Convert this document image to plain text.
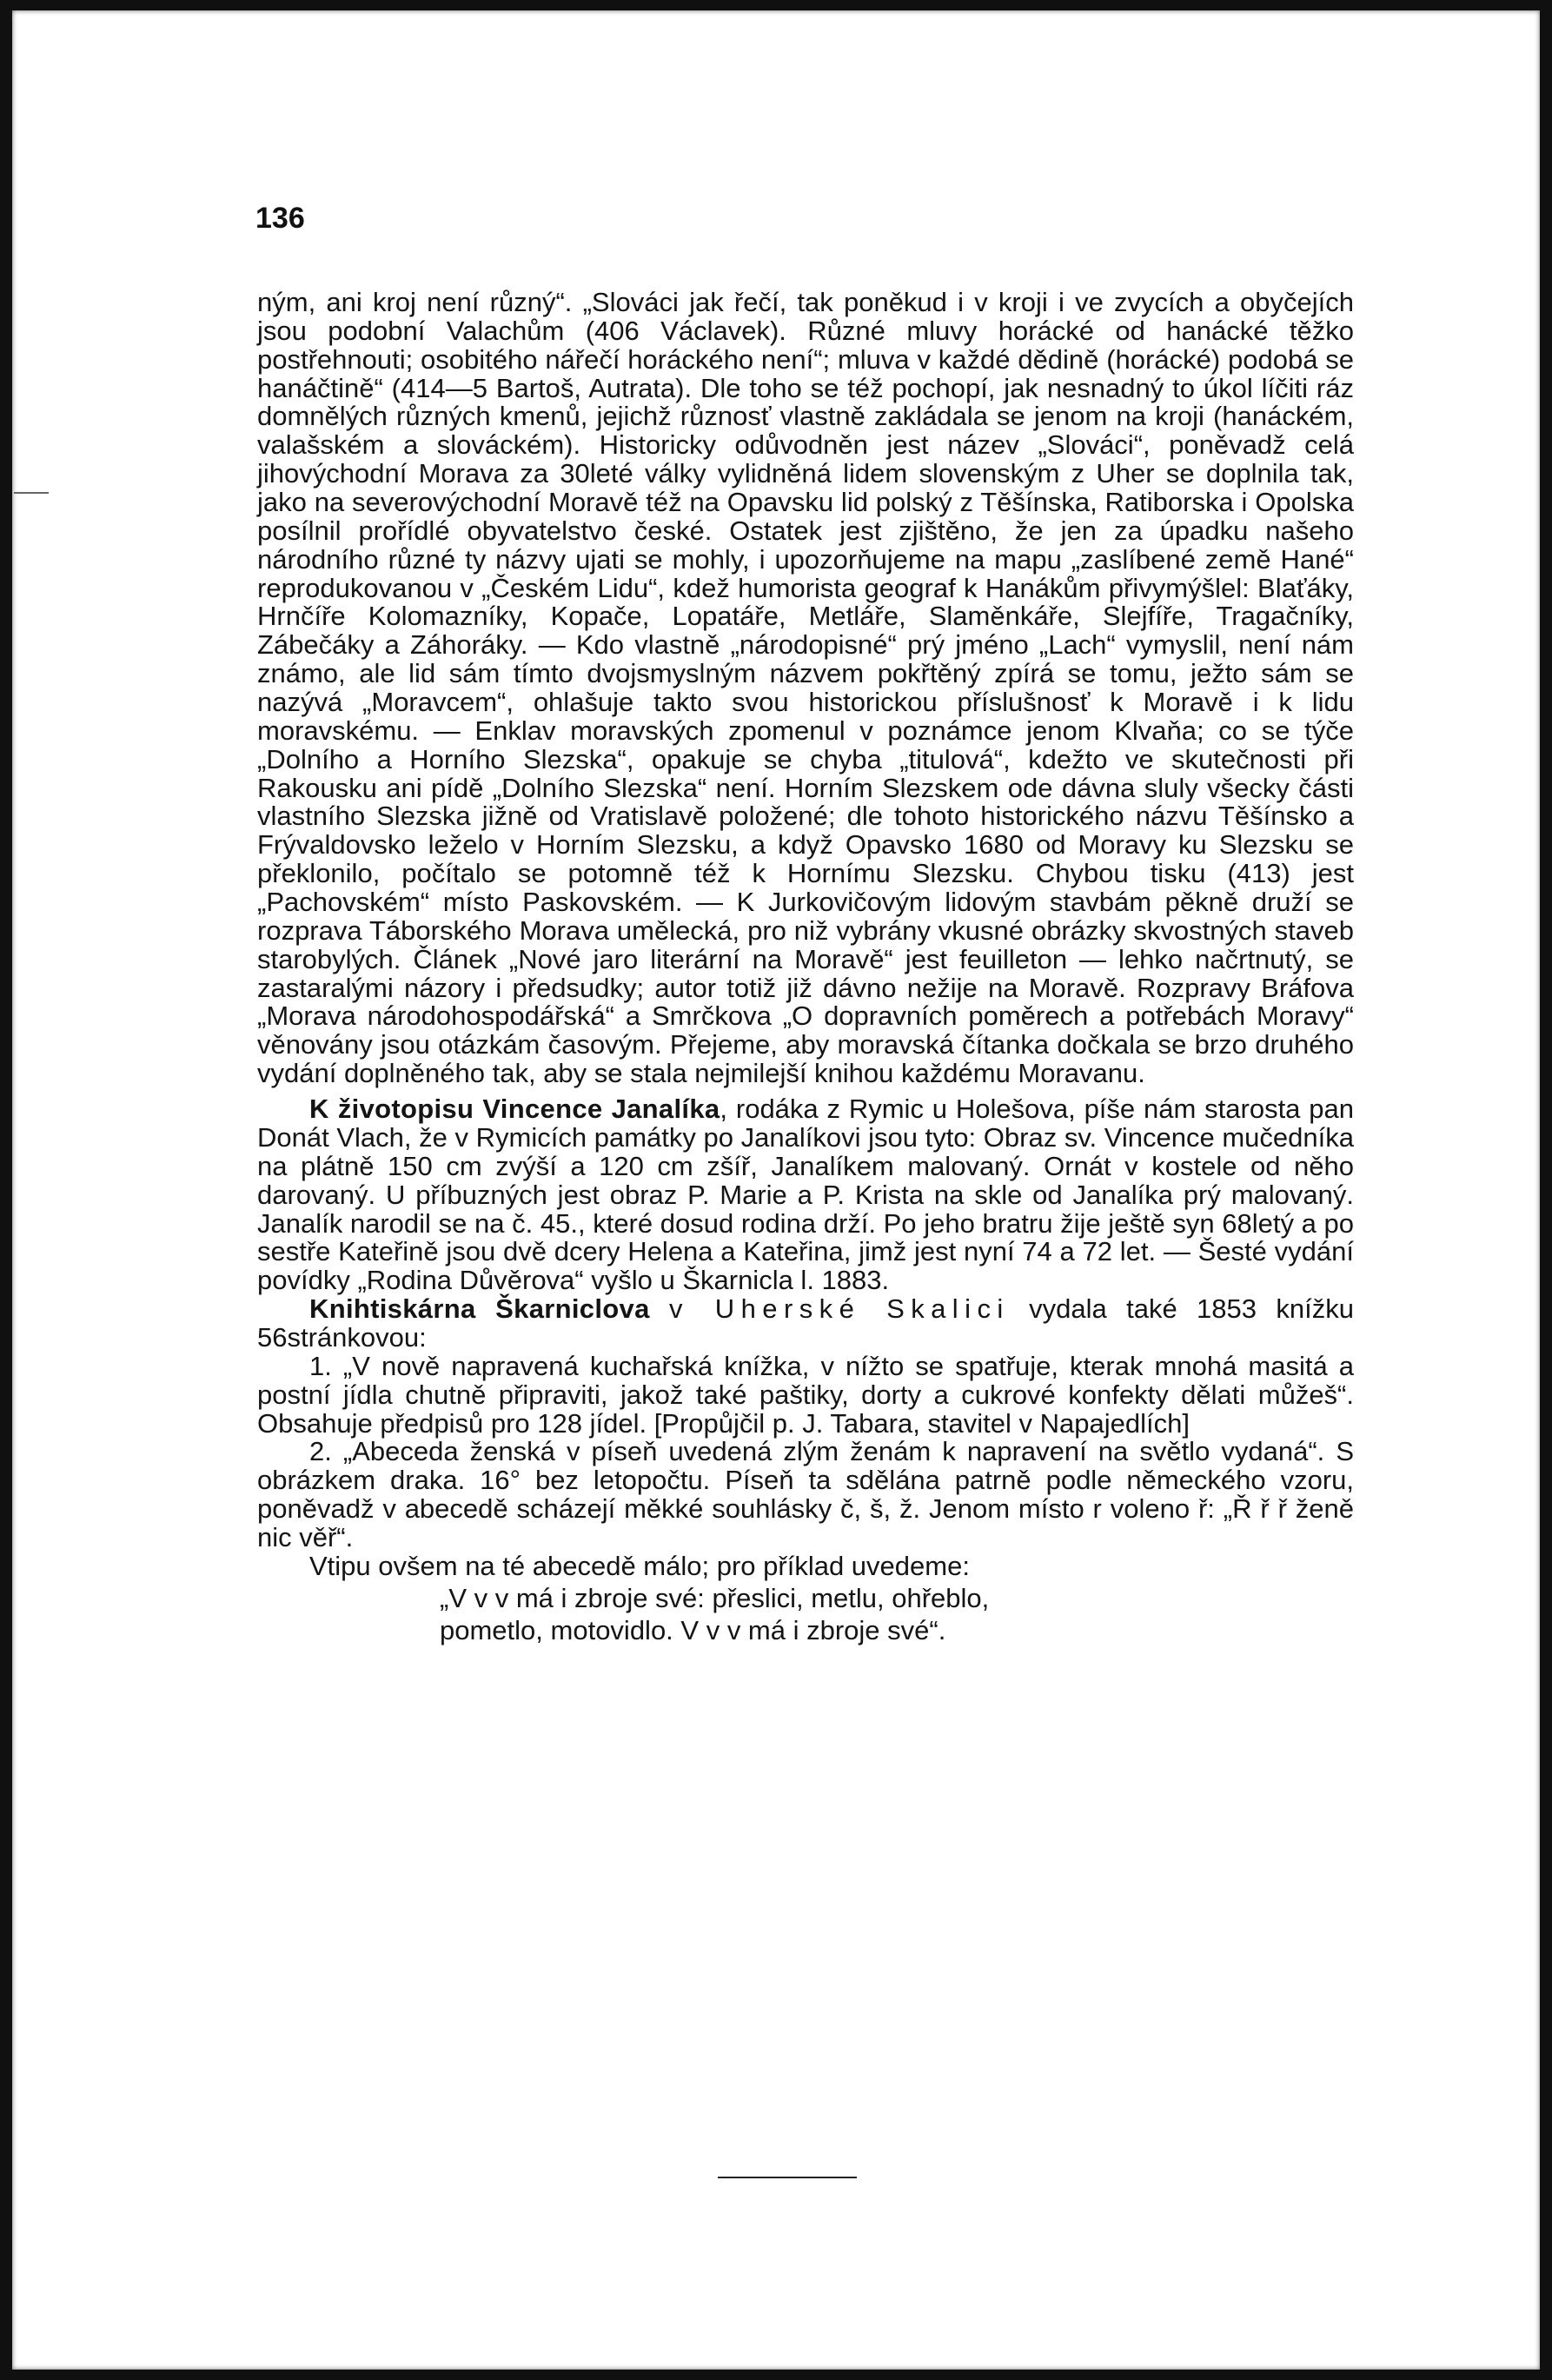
136

ným, ani kroj není různý“. „Slováci jak řečí, tak poněkud i v kroji i ve zvycích a obyčejích jsou podobní Valachům (406 Václavek). Různé mluvy horácké od hanácké těžko postřehnouti; osobitého nářečí horáckého není“; mluva v každé dědině (horácké) podobá se hanáčtině“ (414—5 Bartoš, Autrata). Dle toho se též pochopí, jak nesnadný to úkol líčiti ráz domnělých různých kmenů, jejichž různosť vlastně zakládala se jenom na kroji (hanáckém, valašském a slováckém). Historicky odůvodněn jest název „Slováci“, poněvadž celá jihovýchodní Morava za 30leté války vylidněná lidem slovenským z Uher se doplnila tak, jako na severovýchodní Moravě též na Opavsku lid polský z Těšínska, Ratiborska i Opolska posílnil prořídlé obyvatelstvo české. Ostatek jest zjištěno, že jen za úpadku našeho národního různé ty názvy ujati se mohly, i upozorňujeme na mapu „zaslíbené země Hané“ reprodukovanou v „Českém Lidu“, kdež humorista geograf k Hanákům přivymýšlel: Blaťáky, Hrnčíře Kolomazníky, Kopače, Lopatáře, Metláře, Slaměnkáře, Slejfíře, Tragačníky, Zábečáky a Záhoráky. — Kdo vlastně „národopisné“ prý jméno „Lach“ vymyslil, není nám známo, ale lid sám tímto dvojsmyslným názvem pokřtěný zpírá se tomu, ježto sám se nazývá „Moravcem“, ohlašuje takto svou historickou příslušnosť k Moravě i k lidu moravskému. — Enklav moravských zpomenul v poznámce jenom Klvaňa; co se týče „Dolního a Horního Slezska“, opakuje se chyba „titulová“, kdežto ve skutečnosti při Rakousku ani pídě „Dolního Slezska“ není. Horním Slezskem ode dávna sluly všecky části vlastního Slezska jižně od Vratislavě položené; dle tohoto historického názvu Těšínsko a Frývaldovsko leželo v Horním Slezsku, a když Opavsko 1680 od Moravy ku Slezsku se překlonilo, počítalo se potomně též k Hornímu Slezsku. Chybou tisku (413) jest „Pachovském“ místo Paskovském. — K Jurkovičovým lidovým stavbám pěkně druží se rozprava Táborského Morava umělecká, pro niž vybrány vkusné obrázky skvostných staveb starobylých. Článek „Nové jaro literární na Moravě“ jest feuilleton — lehko načrtnutý, se zastaralými názory i předsudky; autor totiž již dávno nežije na Moravě. Rozpravy Bráfova „Morava národohospodářská“ a Smrčkova „O dopravních poměrech a potřebách Moravy“ věnovány jsou otázkám časovým. Přejeme, aby moravská čítanka dočkala se brzo druhého vydání doplněného tak, aby se stala nejmilejší knihou každému Moravanu.

K životopisu Vincence Janalíka, rodáka z Rymic u Holešova, píše nám starosta pan Donát Vlach, že v Rymicích památky po Janalíkovi jsou tyto: Obraz sv. Vincence mučedníka na plátně 150 cm zvýší a 120 cm zšíř, Janalíkem malovaný. Ornát v kostele od něho darovaný. U příbuzných jest obraz P. Marie a P. Krista na skle od Janalíka prý malovaný. Janalík narodil se na č. 45., které dosud rodina drží. Po jeho bratru žije ještě syn 68letý a po sestře Kateřině jsou dvě dcery Helena a Kateřina, jimž jest nyní 74 a 72 let. — Šesté vydání povídky „Rodina Důvěrova“ vyšlo u Škarnicla l. 1883.

Knihtiskárna Škarniclova v Uherské Skalici vydala také 1853 knížku 56stránkovou:

1. „V nově napravená kuchařská knížka, v nížto se spatřuje, kterak mnohá masitá a postní jídla chutně připraviti, jakož také paštiky, dorty a cukrové konfekty dělati můžeš“. Obsahuje předpisů pro 128 jídel. [Propůjčil p. J. Tabara, stavitel v Napajedlích]

2. „Abeceda ženská v píseň uvedená zlým ženám k napravení na světlo vydaná“. S obrázkem draka. 16° bez letopočtu. Píseň ta sdělána patrně podle německého vzoru, poněvadž v abecedě scházejí měkké souhlásky č, š, ž. Jenom místo r voleno ř: „Ř ř ř ženě nic věř“.

Vtipu ovšem na té abecedě málo; pro příklad uvedeme:

„V v v má i zbroje své: přeslici, metlu, ohřeblo,

pometlo, motovidlo. V v v má i zbroje své“.
